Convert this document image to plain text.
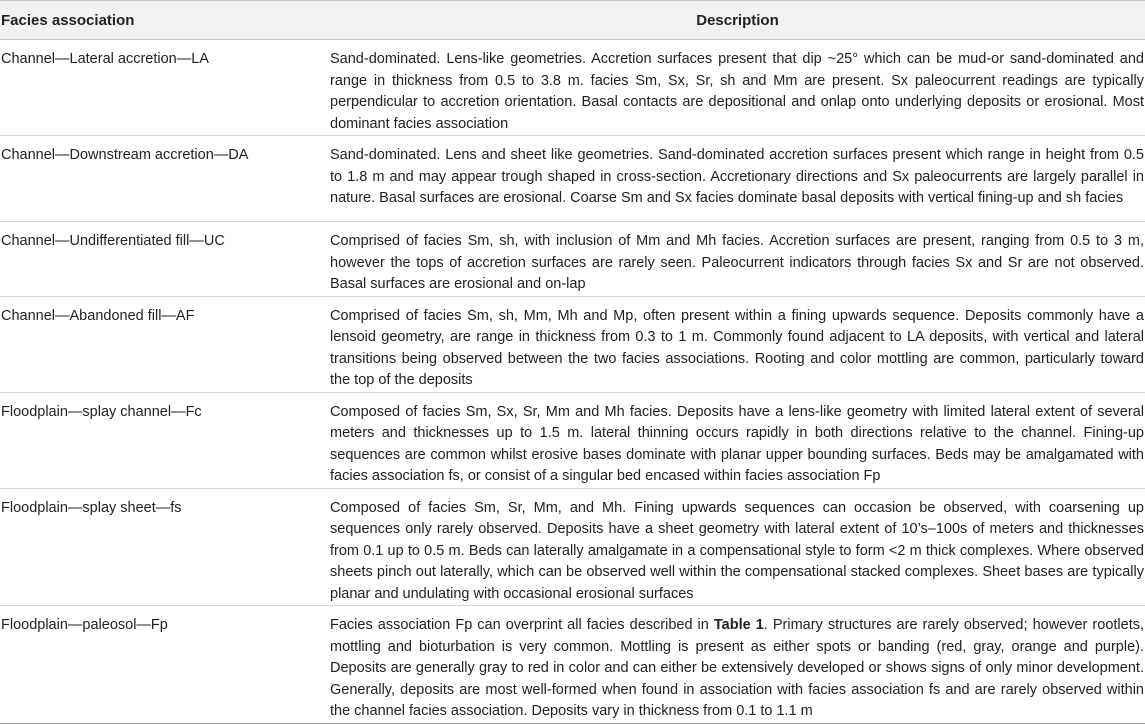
Facies association	Description
Channel—Lateral accretion—LA	Sand-dominated. Lens-like geometries. Accretion surfaces present that dip ~25° which can be mud-or sand-dominated and range in thickness from 0.5 to 3.8 m. facies Sm, Sx, Sr, sh and Mm are present. Sx paleocurrent readings are typically perpendicular to accretion orientation. Basal contacts are depositional and onlap onto underlying deposits or erosional. Most dominant facies association
Channel—Downstream accretion—DA	Sand-dominated. Lens and sheet like geometries. Sand-dominated accretion surfaces present which range in height from 0.5 to 1.8 m and may appear trough shaped in cross-section. Accretionary directions and Sx paleocurrents are largely parallel in nature. Basal surfaces are erosional. Coarse Sm and Sx facies dominate basal deposits with vertical fining-up and sh facies
Channel—Undifferentiated fill—UC	Comprised of facies Sm, sh, with inclusion of Mm and Mh facies. Accretion surfaces are present, ranging from 0.5 to 3 m, however the tops of accretion surfaces are rarely seen. Paleocurrent indicators through facies Sx and Sr are not observed. Basal surfaces are erosional and on-lap
Channel—Abandoned fill—AF	Comprised of facies Sm, sh, Mm, Mh and Mp, often present within a fining upwards sequence. Deposits commonly have a lensoid geometry, are range in thickness from 0.3 to 1 m. Commonly found adjacent to LA deposits, with vertical and lateral transitions being observed between the two facies associations. Rooting and color mottling are common, particularly toward the top of the deposits
Floodplain—splay channel—Fc	Composed of facies Sm, Sx, Sr, Mm and Mh facies. Deposits have a lens-like geometry with limited lateral extent of several meters and thicknesses up to 1.5 m. lateral thinning occurs rapidly in both directions relative to the channel. Fining-up sequences are common whilst erosive bases dominate with planar upper bounding surfaces. Beds may be amalgamated with facies association fs, or consist of a singular bed encased within facies association Fp
Floodplain—splay sheet—fs	Composed of facies Sm, Sr, Mm, and Mh. Fining upwards sequences can occasion be observed, with coarsening up sequences only rarely observed. Deposits have a sheet geometry with lateral extent of 10’s–100s of meters and thicknesses from 0.1 up to 0.5 m. Beds can laterally amalgamate in a compensational style to form <2 m thick complexes. Where observed sheets pinch out laterally, which can be observed well within the compensational stacked complexes. Sheet bases are typically planar and undulating with occasional erosional surfaces
Floodplain—paleosol—Fp	Facies association Fp can overprint all facies described in Table 1. Primary structures are rarely observed; however rootlets, mottling and bioturbation is very common. Mottling is present as either spots or banding (red, gray, orange and purple). Deposits are generally gray to red in color and can either be extensively developed or shows signs of only minor development. Generally, deposits are most well-formed when found in association with facies association fs and are rarely observed within the channel facies association. Deposits vary in thickness from 0.1 to 1.1 m
